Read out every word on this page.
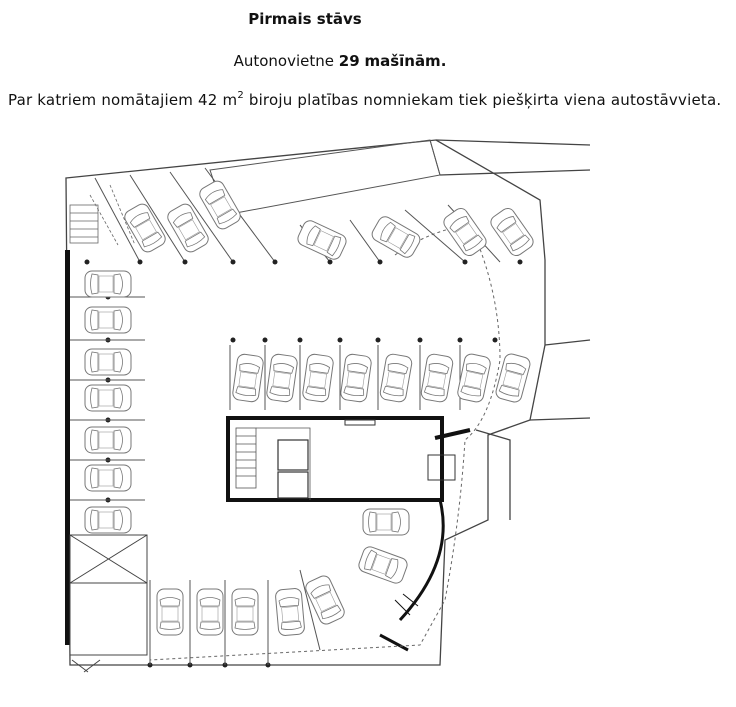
Pirmais stāvs
Autonovietne 29 mašīnām.
Par katriem nomātajiem 42 $m^2$ biroju platības nomniekam tiek piešķirta viena autostāvvieta.
